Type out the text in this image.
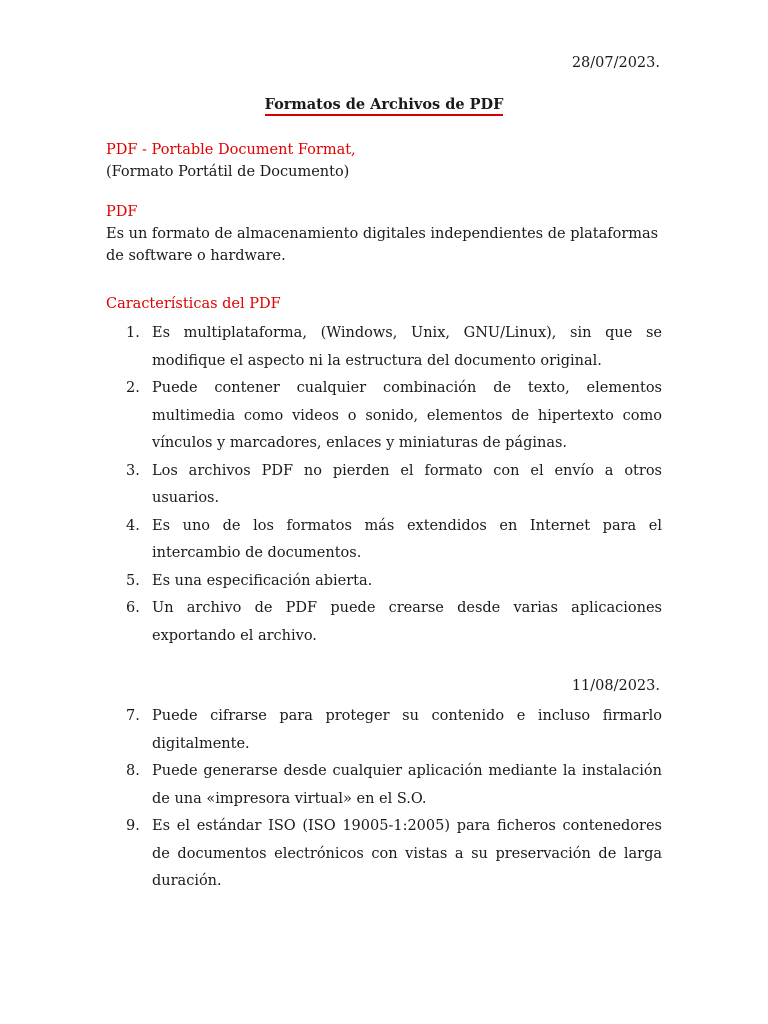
28/07/2023.
Formatos de Archivos de PDF
PDF - Portable Document Format,
(Formato Portátil de Documento)
PDF
Es un formato de almacenamiento digitales independientes de plataformas de software o hardware.
Características del PDF
1. Es multiplataforma, (Windows, Unix, GNU/Linux), sin que se modifique el aspecto ni la estructura del documento original.
2. Puede contener cualquier combinación de texto, elementos multimedia como videos o sonido, elementos de hipertexto como vínculos y marcadores, enlaces y miniaturas de páginas.
3. Los archivos PDF no pierden el formato con el envío a otros usuarios.
4. Es uno de los formatos más extendidos en Internet para el intercambio de documentos.
5. Es una especificación abierta.
6. Un archivo de PDF puede crearse desde varias aplicaciones exportando el archivo.
11/08/2023.
7. Puede cifrarse para proteger su contenido e incluso firmarlo digitalmente.
8. Puede generarse desde cualquier aplicación mediante la instalación de una «impresora virtual» en el S.O.
9. Es el estándar ISO (ISO 19005-1:2005) para ficheros contenedores de documentos electrónicos con vistas a su preservación de larga duración.
